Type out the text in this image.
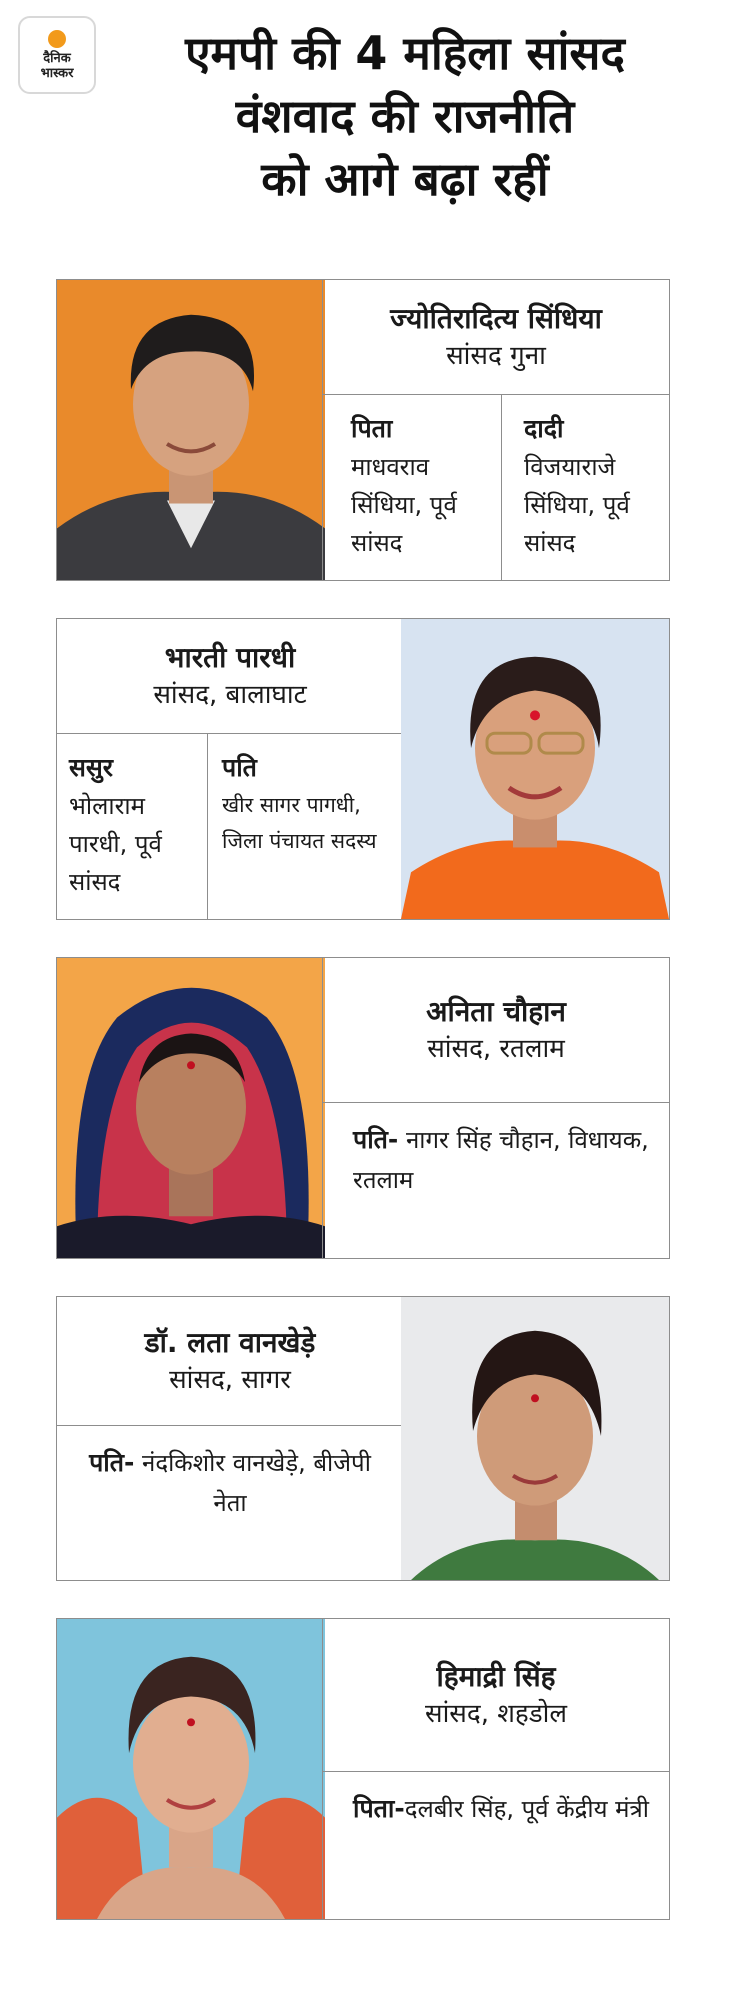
दैनिक
भास्कर	एमपी की 4 महिला सांसद
वंशवाद की राजनीति
को आगे बढ़ा रहीं
ज्योतिरादित्य सिंधिया
सांसद गुना
पिता
माधवराव सिंधिया, पूर्व सांसद
दादी
विजयाराजे सिंधिया, पूर्व सांसद
भारती पारधी
सांसद, बालाघाट
ससुर
भोलाराम पारधी, पूर्व सांसद
पति
खीर सागर पागधी, जिला पंचायत सदस्य
अनिता चौहान
सांसद, रतलाम
पति- नागर सिंह चौहान, विधायक, रतलाम
डॉ. लता वानखेड़े
सांसद, सागर
पति- नंदकिशोर वानखेड़े, बीजेपी नेता
हिमाद्री सिंह
सांसद, शहडोल
पिता-दलबीर सिंह, पूर्व केंद्रीय मंत्री
